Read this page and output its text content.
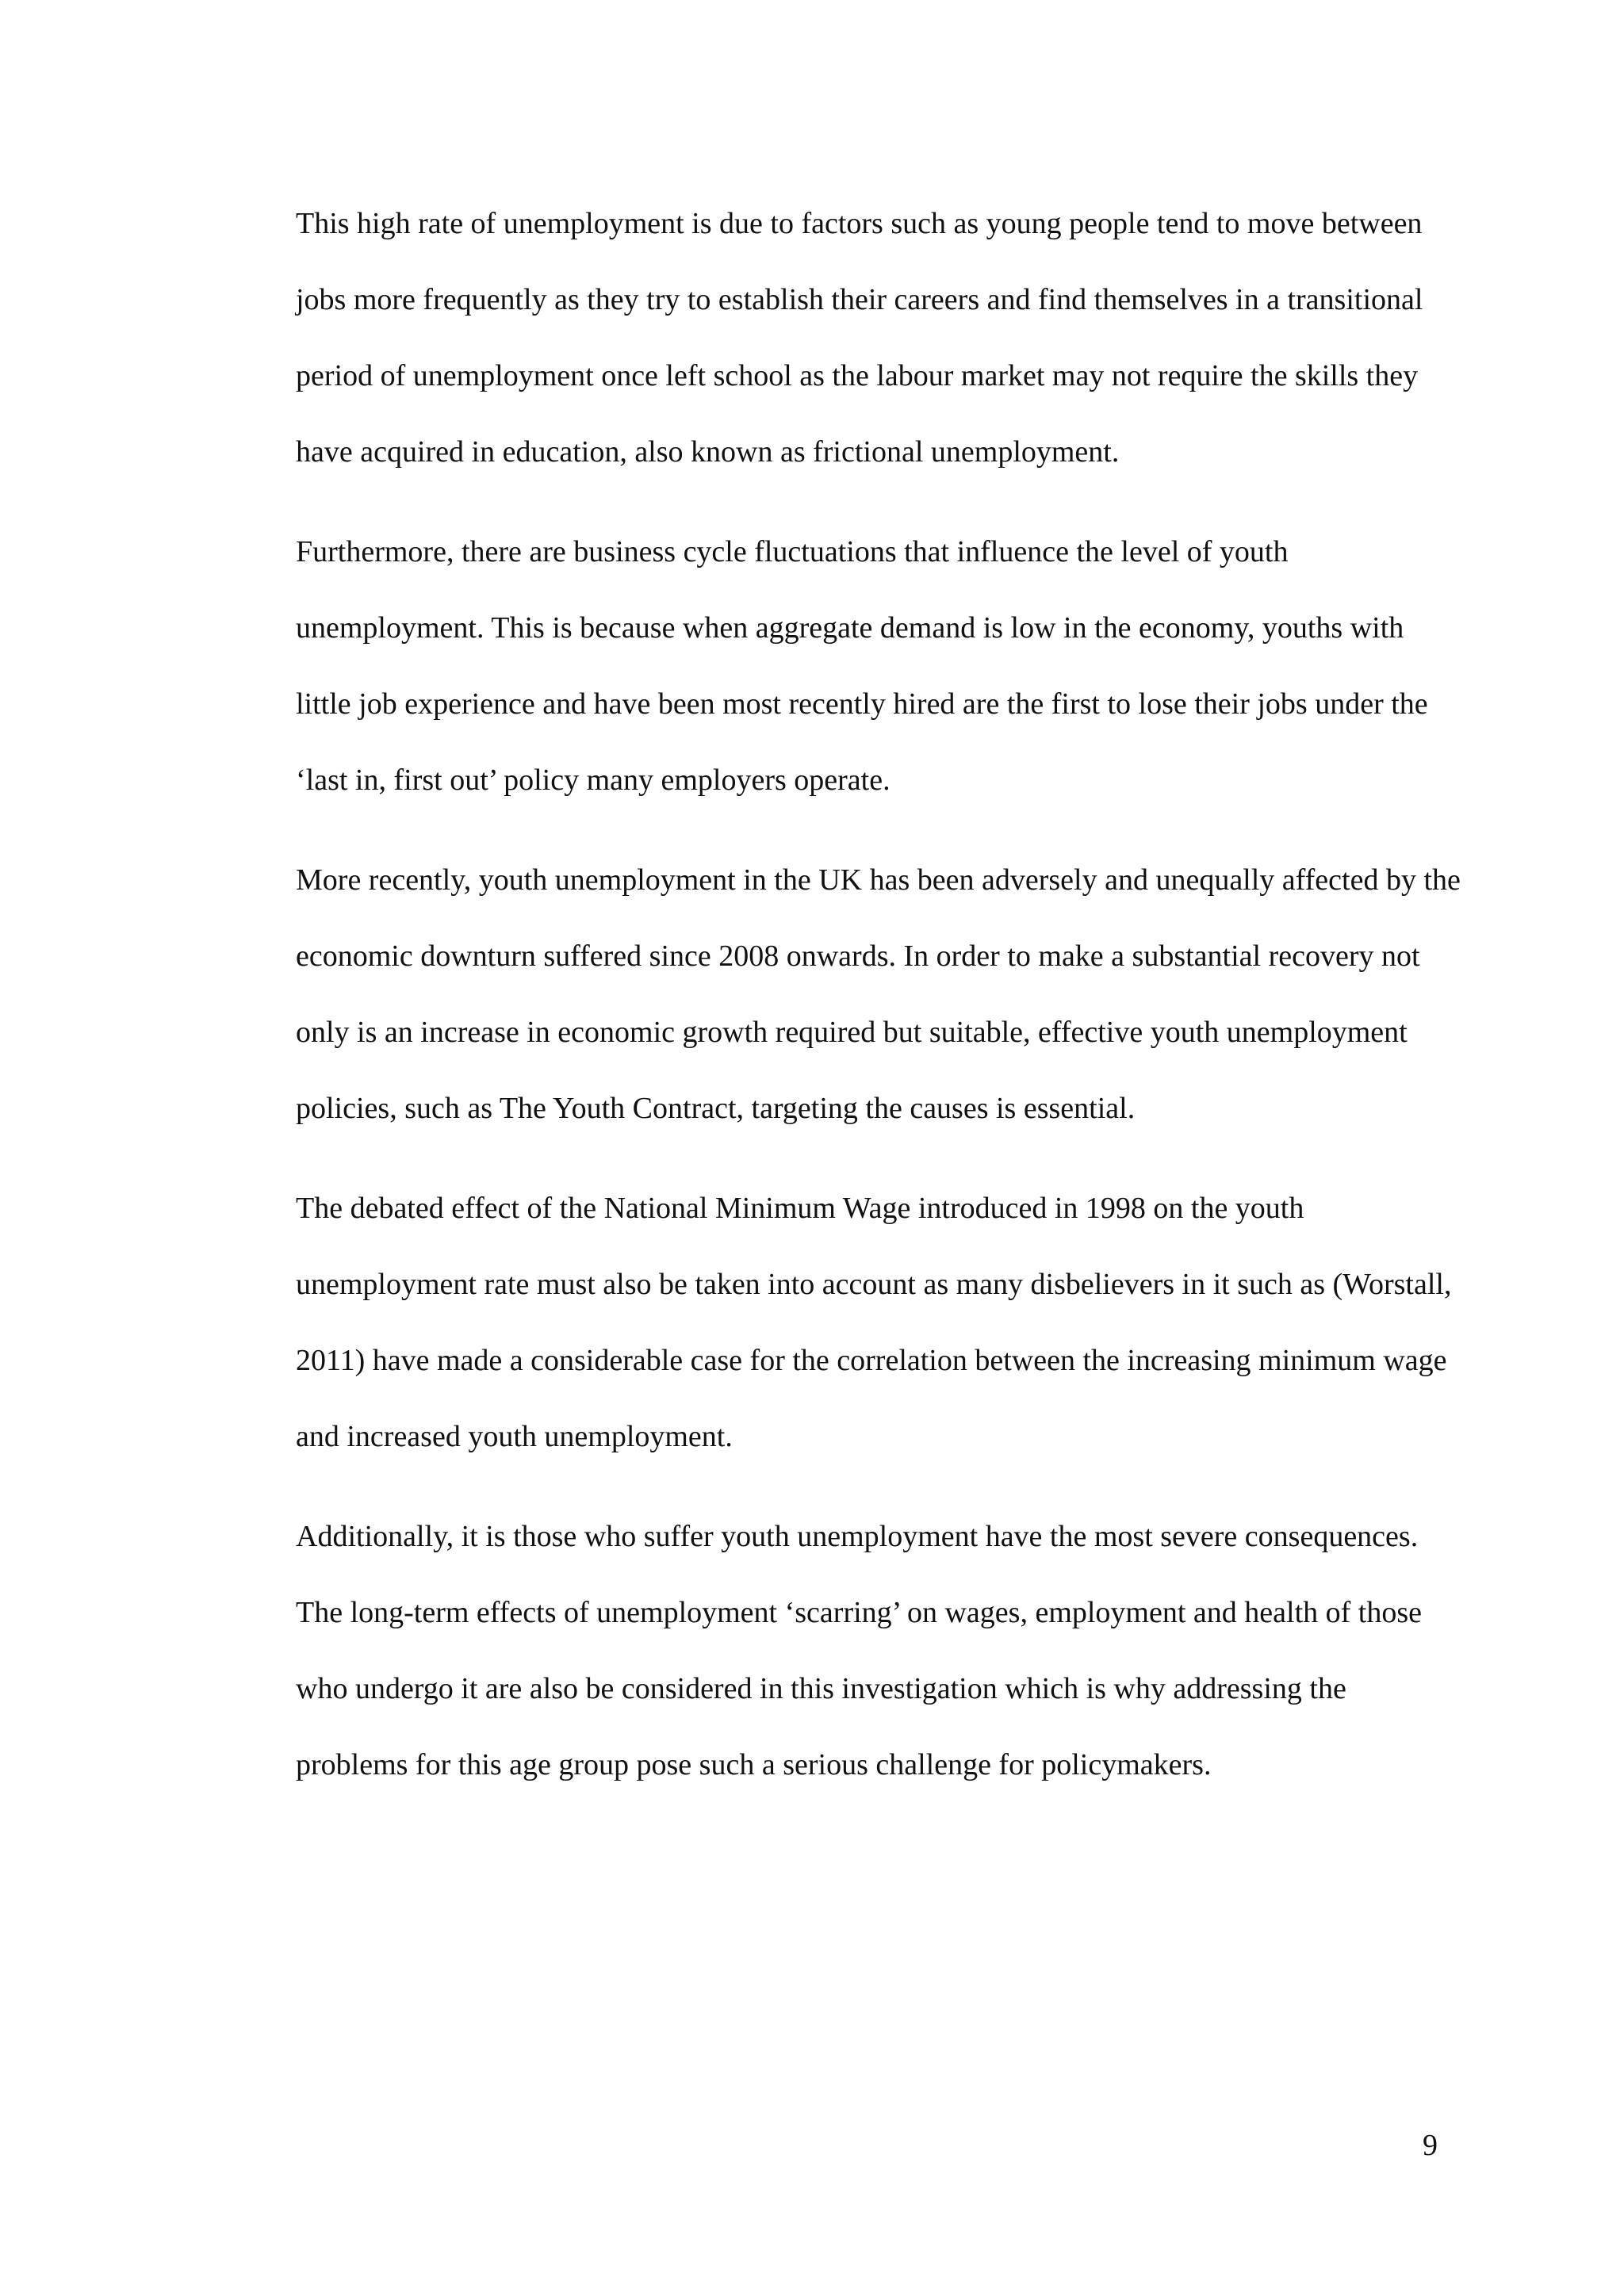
This high rate of unemployment is due to factors such as young people tend to move between jobs more frequently as they try to establish their careers and find themselves in a transitional period of unemployment once left school as the labour market may not require the skills they have acquired in education, also known as frictional unemployment.

Furthermore, there are business cycle fluctuations that influence the level of youth unemployment. This is because when aggregate demand is low in the economy, youths with little job experience and have been most recently hired are the first to lose their jobs under the ‘last in, first out’ policy many employers operate.

More recently, youth unemployment in the UK has been adversely and unequally affected by the economic downturn suffered since 2008 onwards. In order to make a substantial recovery not only is an increase in economic growth required but suitable, effective youth unemployment policies, such as The Youth Contract, targeting the causes is essential.

The debated effect of the National Minimum Wage introduced in 1998 on the youth unemployment rate must also be taken into account as many disbelievers in it such as (Worstall, 2011) have made a considerable case for the correlation between the increasing minimum wage and increased youth unemployment.

Additionally, it is those who suffer youth unemployment have the most severe consequences. The long-term effects of unemployment ‘scarring’ on wages, employment and health of those who undergo it are also be considered in this investigation which is why addressing the problems for this age group pose such a serious challenge for policymakers.

9
